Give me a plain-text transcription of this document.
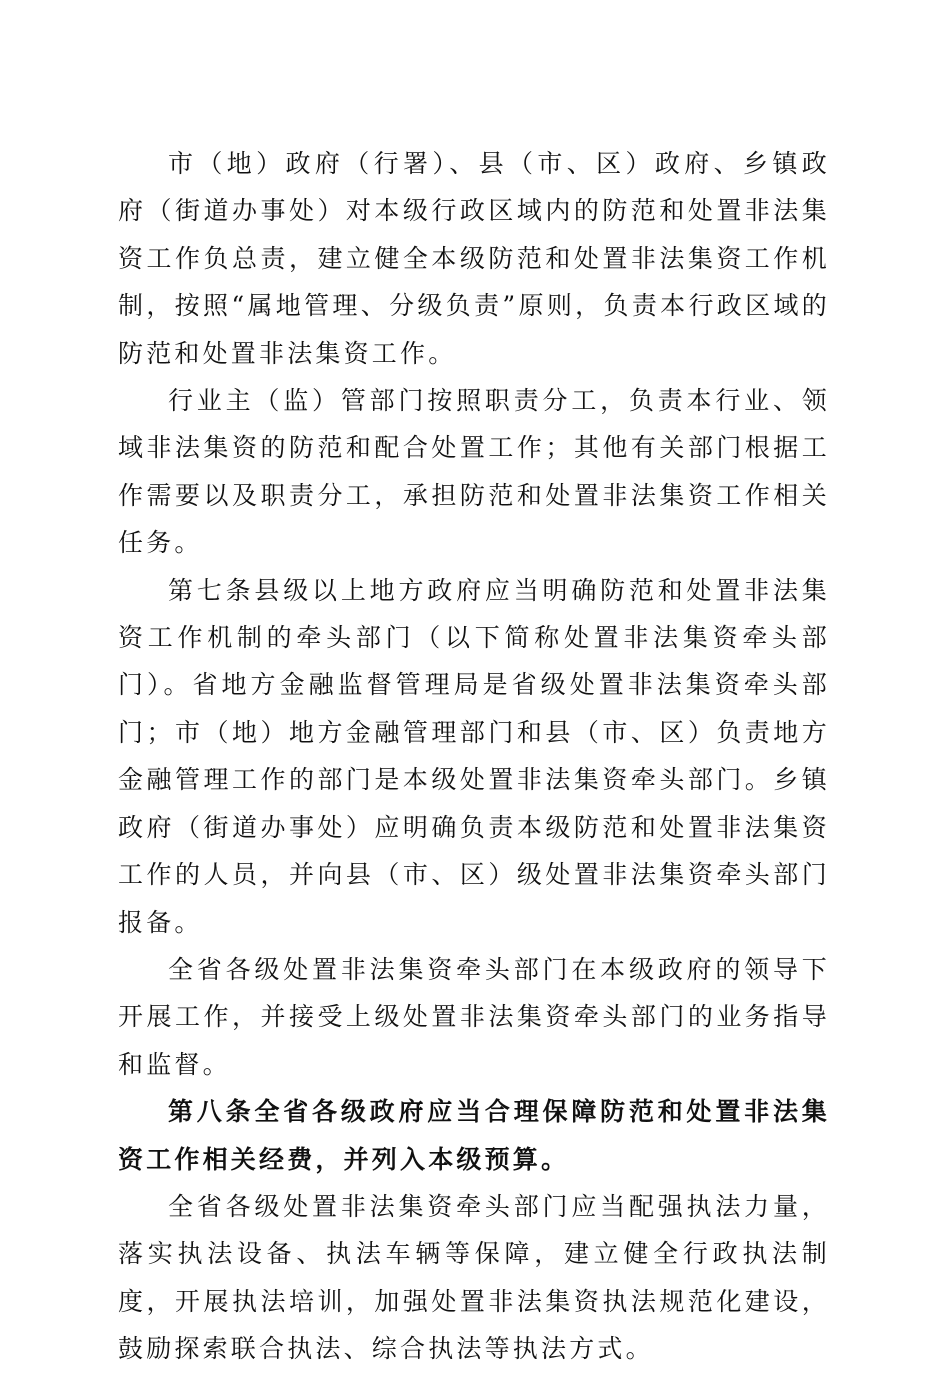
市（地）政府（行署）、县（市、区）政府、乡镇政府（街道办事处）对本级行政区域内的防范和处置非法集资工作负总责，建立健全本级防范和处置非法集资工作机制，按照“属地管理、分级负责”原则，负责本行政区域的防范和处置非法集资工作。

行业主（监）管部门按照职责分工，负责本行业、领域非法集资的防范和配合处置工作；其他有关部门根据工作需要以及职责分工，承担防范和处置非法集资工作相关任务。

第七条县级以上地方政府应当明确防范和处置非法集资工作机制的牵头部门（以下简称处置非法集资牵头部门）。省地方金融监督管理局是省级处置非法集资牵头部门；市（地）地方金融管理部门和县（市、区）负责地方金融管理工作的部门是本级处置非法集资牵头部门。乡镇政府（街道办事处）应明确负责本级防范和处置非法集资工作的人员，并向县（市、区）级处置非法集资牵头部门报备。

全省各级处置非法集资牵头部门在本级政府的领导下开展工作，并接受上级处置非法集资牵头部门的业务指导和监督。

第八条全省各级政府应当合理保障防范和处置非法集资工作相关经费，并列入本级预算。

全省各级处置非法集资牵头部门应当配强执法力量，落实执法设备、执法车辆等保障，建立健全行政执法制度，开展执法培训，加强处置非法集资执法规范化建设，鼓励探索联合执法、综合执法等执法方式。
